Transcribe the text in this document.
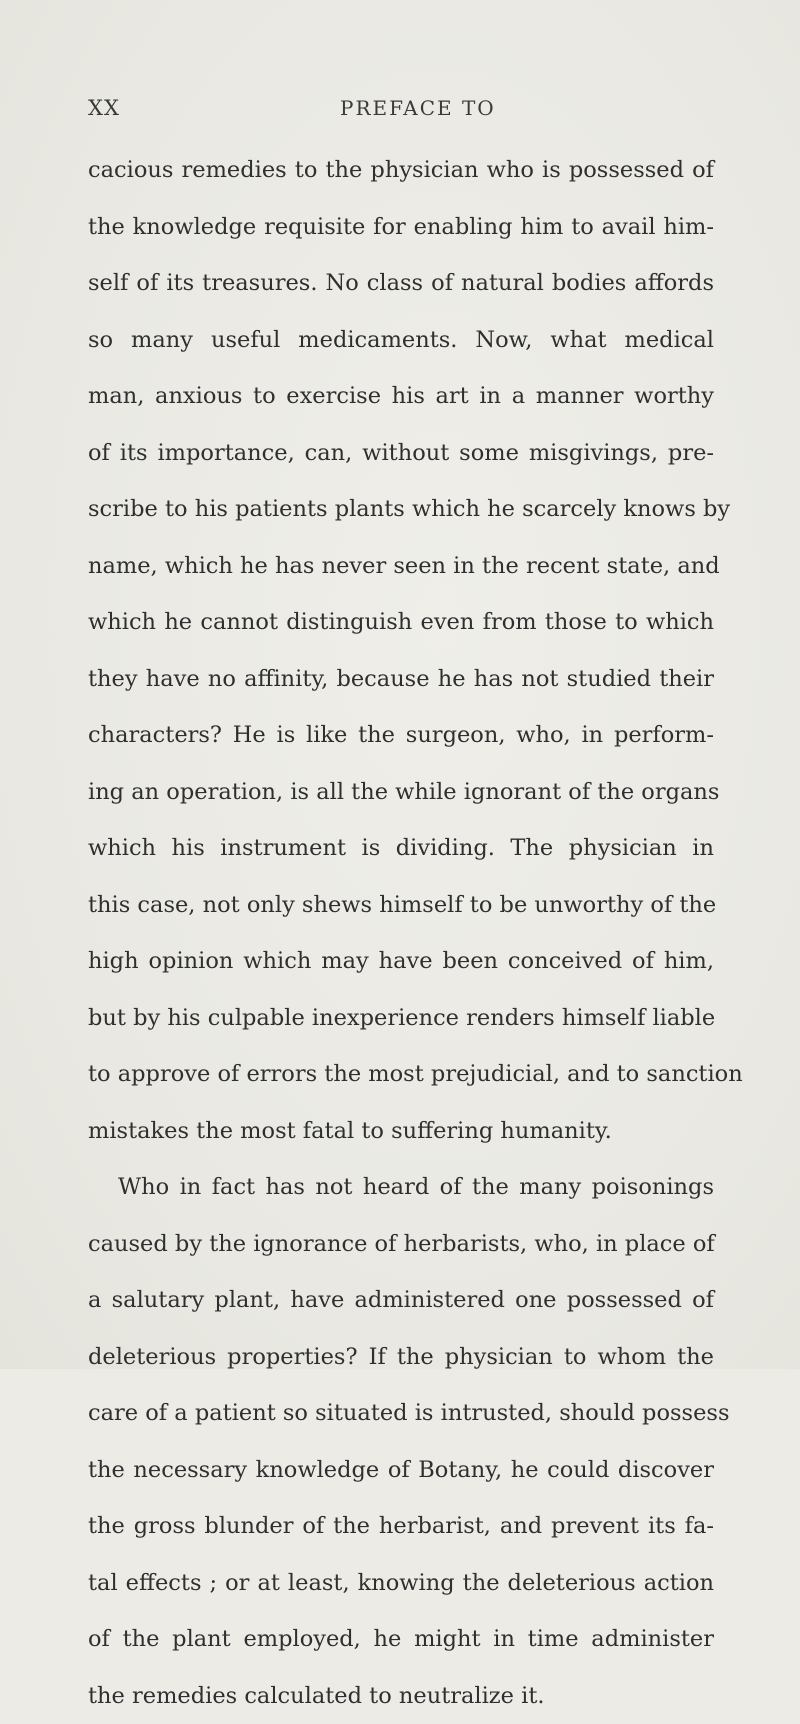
XX	PREFACE TO
cacious remedies to the physician who is possessed of
the knowledge requisite for enabling him to avail him-
self of its treasures. No class of natural bodies affords
so many useful medicaments. Now, what medical
man, anxious to exercise his art in a manner worthy
of its importance, can, without some misgivings, pre-
scribe to his patients plants which he scarcely knows by
name, which he has never seen in the recent state, and
which he cannot distinguish even from those to which
they have no affinity, because he has not studied their
characters? He is like the surgeon, who, in perform-
ing an operation, is all the while ignorant of the organs
which his instrument is dividing. The physician in
this case, not only shews himself to be unworthy of the
high opinion which may have been conceived of him,
but by his culpable inexperience renders himself liable
to approve of errors the most prejudicial, and to sanction
mistakes the most fatal to suffering humanity.
Who in fact has not heard of the many poisonings
caused by the ignorance of herbarists, who, in place of
a salutary plant, have administered one possessed of
deleterious properties? If the physician to whom the
care of a patient so situated is intrusted, should possess
the necessary knowledge of Botany, he could discover
the gross blunder of the herbarist, and prevent its fa-
tal effects ; or at least, knowing the deleterious action
of the plant employed, he might in time administer
the remedies calculated to neutralize it.
